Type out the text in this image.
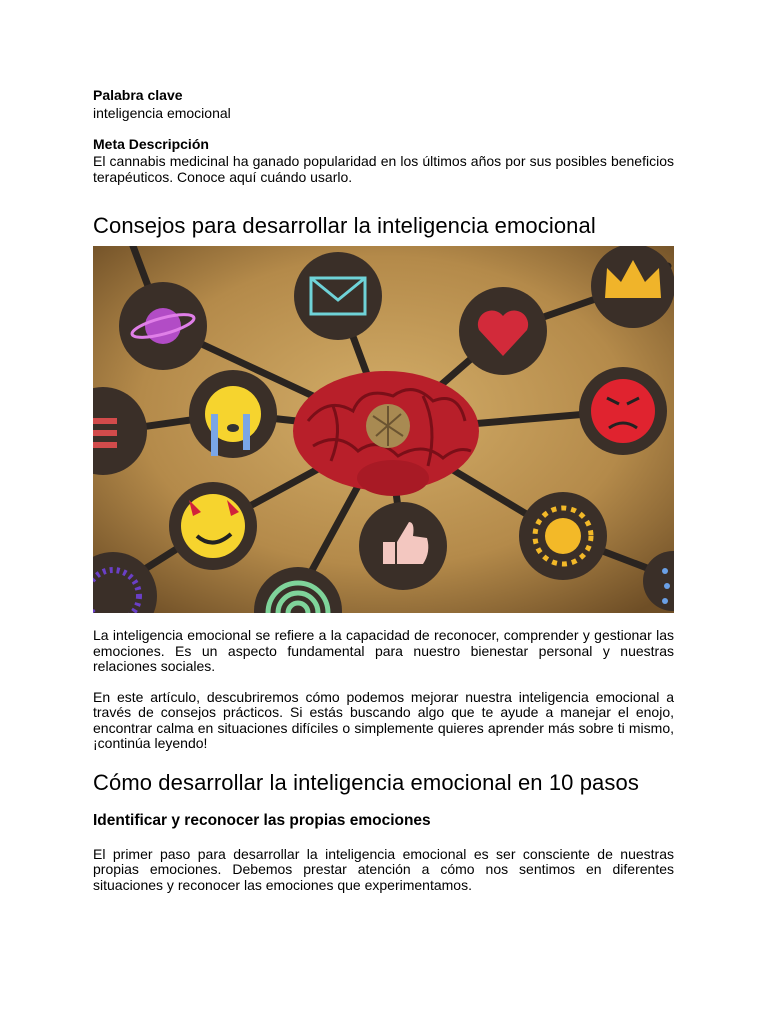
Palabra clave

inteligencia emocional

Meta Descripción

El cannabis medicinal ha ganado popularidad en los últimos años por sus posibles beneficios terapéuticos. Conoce aquí cuándo usarlo.

Consejos para desarrollar la inteligencia emocional

La inteligencia emocional se refiere a la capacidad de reconocer, comprender y gestionar las emociones. Es un aspecto fundamental para nuestro bienestar personal y nuestras relaciones sociales.

En este artículo, descubriremos cómo podemos mejorar nuestra inteligencia emocional a través de consejos prácticos. Si estás buscando algo que te ayude a manejar el enojo, encontrar calma en situaciones difíciles o simplemente quieres aprender más sobre ti mismo, ¡continúa leyendo!

Cómo desarrollar la inteligencia emocional en 10 pasos
Identificar y reconocer las propias emociones

El primer paso para desarrollar la inteligencia emocional es ser consciente de nuestras propias emociones. Debemos prestar atención a cómo nos sentimos en diferentes situaciones y reconocer las emociones que experimentamos.
